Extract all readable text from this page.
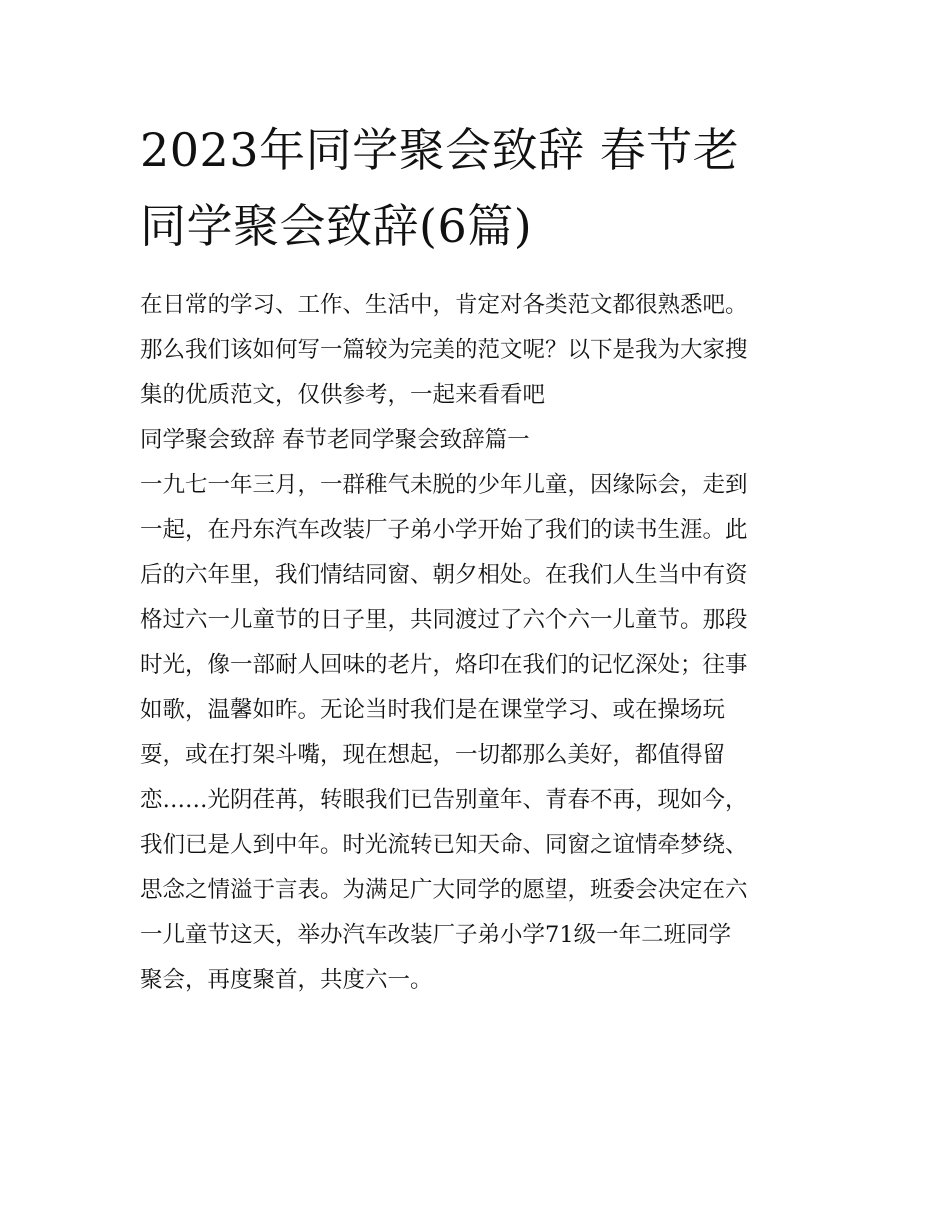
2023年同学聚会致辞 春节老
同学聚会致辞(6篇)

在日常的学习、工作、生活中，肯定对各类范文都很熟悉吧。
那么我们该如何写一篇较为完美的范文呢？以下是我为大家搜
集的优质范文，仅供参考，一起来看看吧

同学聚会致辞 春节老同学聚会致辞篇一

一九七一年三月，一群稚气未脱的少年儿童，因缘际会，走到
一起，在丹东汽车改装厂子弟小学开始了我们的读书生涯。此
后的六年里，我们情结同窗、朝夕相处。在我们人生当中有资
格过六一儿童节的日子里，共同渡过了六个六一儿童节。那段
时光，像一部耐人回味的老片，烙印在我们的记忆深处；往事
如歌，温馨如昨。无论当时我们是在课堂学习、或在操场玩
耍，或在打架斗嘴，现在想起，一切都那么美好，都值得留
恋……光阴荏苒，转眼我们已告别童年、青春不再，现如今，
我们已是人到中年。时光流转已知天命、同窗之谊情牵梦绕、
思念之情溢于言表。为满足广大同学的愿望，班委会决定在六
一儿童节这天，举办汽车改装厂子弟小学71级一年二班同学
聚会，再度聚首，共度六一。
